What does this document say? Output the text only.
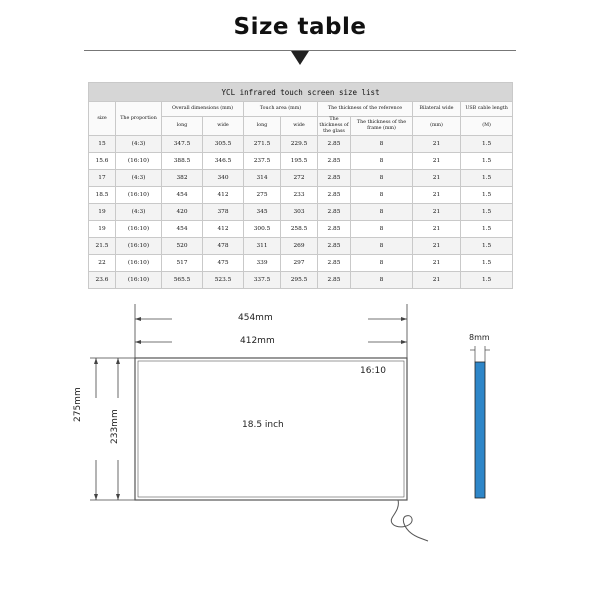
Size table
YCL infrared touch screen size list									
size	The proportion	Overall dimensions (mm)		Touch area (mm)		The thickness of the reference		Bilateral wide	USB cable length
		long	wide	long	wide	The thickness of the glass	The thickness of the frame (mm)	(mm)	(M)
15	(4:3)	347.5	305.5	271.5	229.5	2.85	8	21	1.5
15.6	(16:10)	388.5	346.5	237.5	195.5	2.85	8	21	1.5
17	(4:3)	382	340	314	272	2.85	8	21	1.5
18.5	(16:10)	454	412	275	233	2.85	8	21	1.5
19	(4:3)	420	378	345	303	2.85	8	21	1.5
19	(16:10)	454	412	300.5	258.5	2.85	8	21	1.5
21.5	(16:10)	520	478	311	269	2.85	8	21	1.5
22	(16:10)	517	475	339	297	2.85	8	21	1.5
23.6	(16:10)	565.5	523.5	337.5	295.5	2.85	8	21	1.5
454mm
412mm
16:10
18.5 inch
275mm
233mm
8mm
